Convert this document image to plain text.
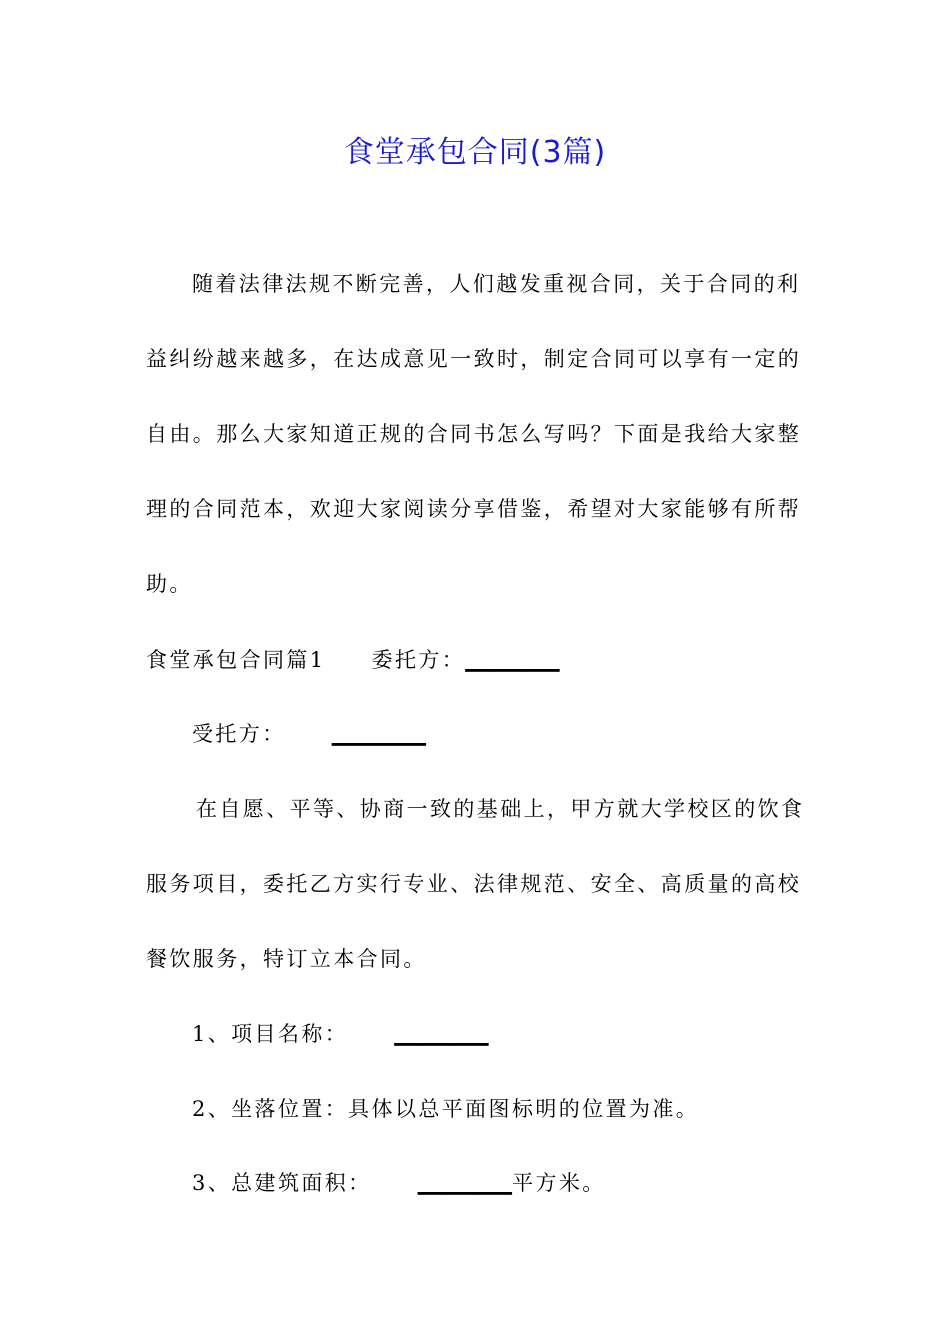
食堂承包合同(3篇)

随着法律法规不断完善，人们越发重视合同，关于合同的利益纠纷越来越多，在达成意见一致时，制定合同可以享有一定的自由。那么大家知道正规的合同书怎么写吗？下面是我给大家整理的合同范本，欢迎大家阅读分享借鉴，希望对大家能够有所帮助。

食堂承包合同篇1 委托方：_________

受托方： _________

在自愿、平等、协商一致的基础上，甲方就大学校区的饮食服务项目，委托乙方实行专业、法律规范、安全、高质量的高校餐饮服务，特订立本合同。

1、项目名称： _________

2、坐落位置：具体以总平面图标明的位置为准。

3、总建筑面积： _________平方米。
